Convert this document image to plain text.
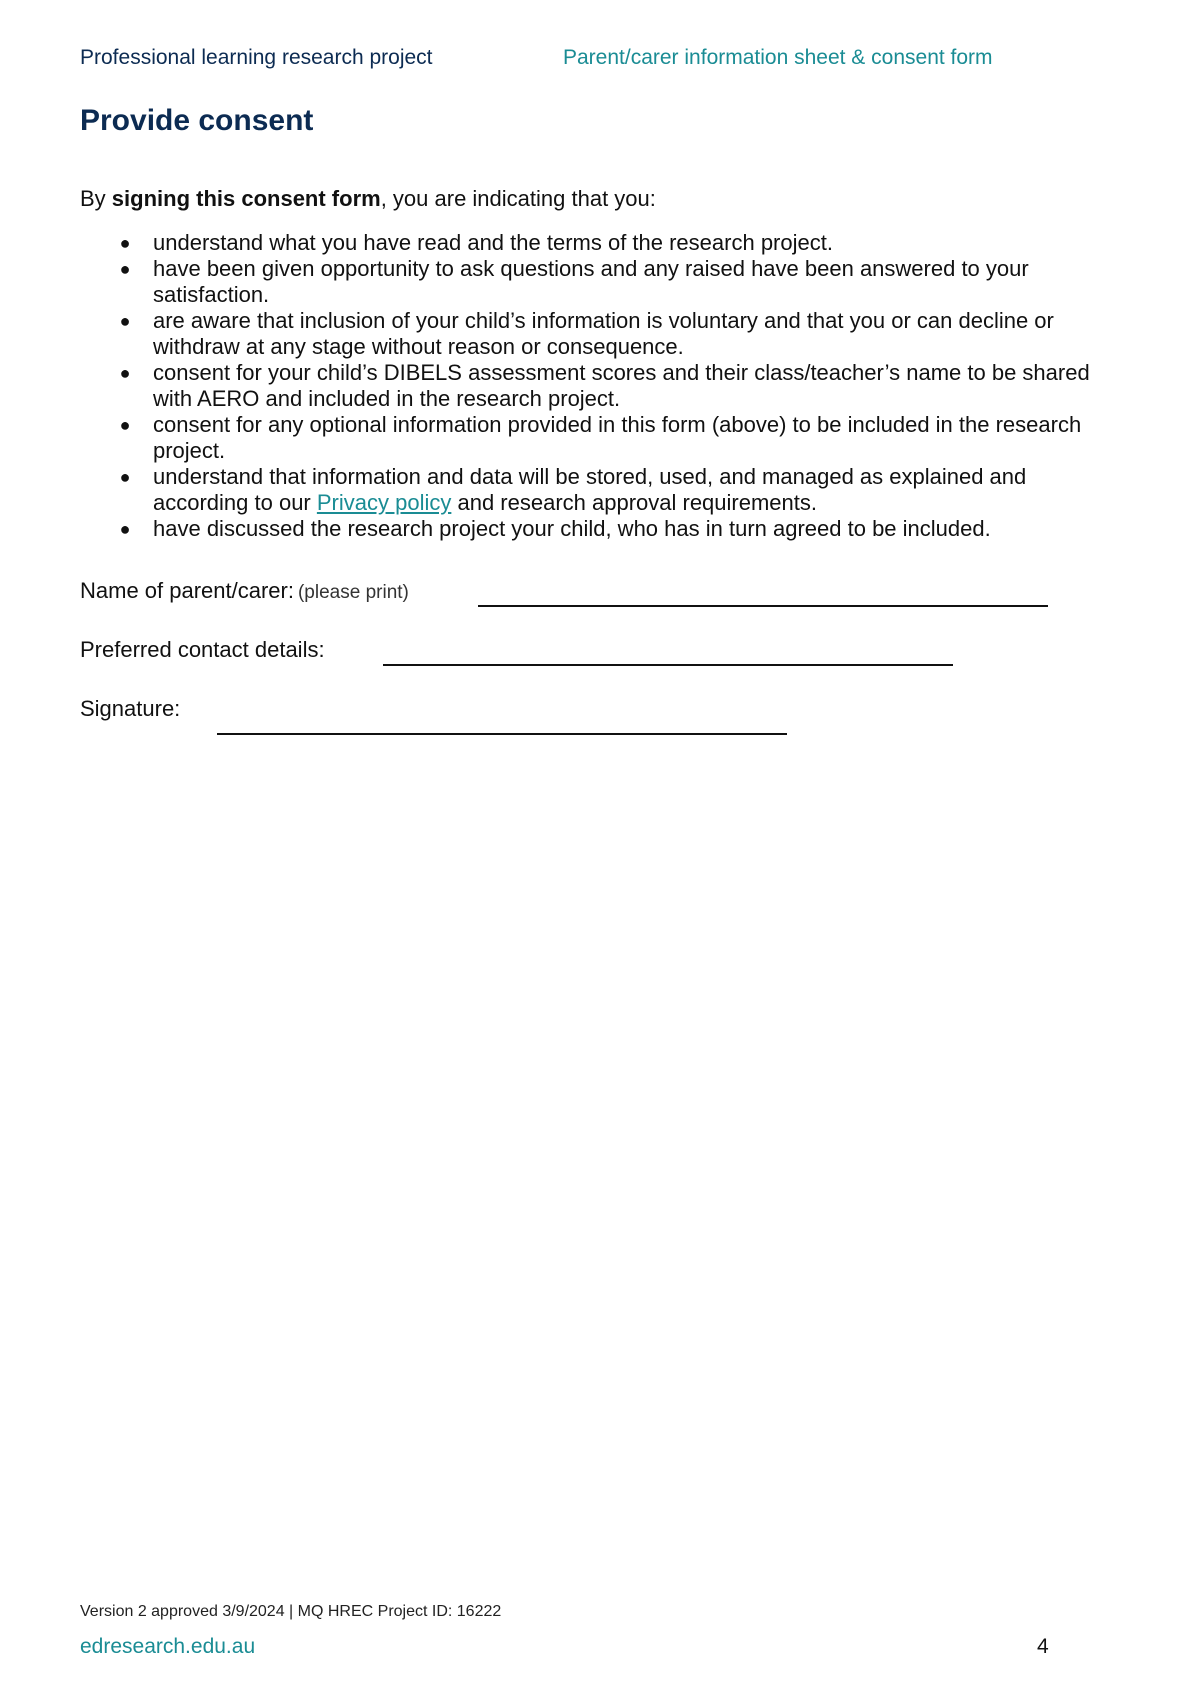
Professional learning research project	Parent/carer information sheet & consent form
Provide consent
By signing this consent form, you are indicating that you:
● understand what you have read and the terms of the research project.
● have been given opportunity to ask questions and any raised have been answered to your satisfaction.
● are aware that inclusion of your child’s information is voluntary and that you or can decline or withdraw at any stage without reason or consequence.
● consent for your child’s DIBELS assessment scores and their class/teacher’s name to be shared with AERO and included in the research project.
● consent for any optional information provided in this form (above) to be included in the research project.
● understand that information and data will be stored, used, and managed as explained and according to our Privacy policy and research approval requirements.
● have discussed the research project your child, who has in turn agreed to be included.
Name of parent/carer: (please print)
Preferred contact details:
Signature:
Version 2 approved 3/9/2024 | MQ HREC Project ID: 16222
edresearch.edu.au	4
